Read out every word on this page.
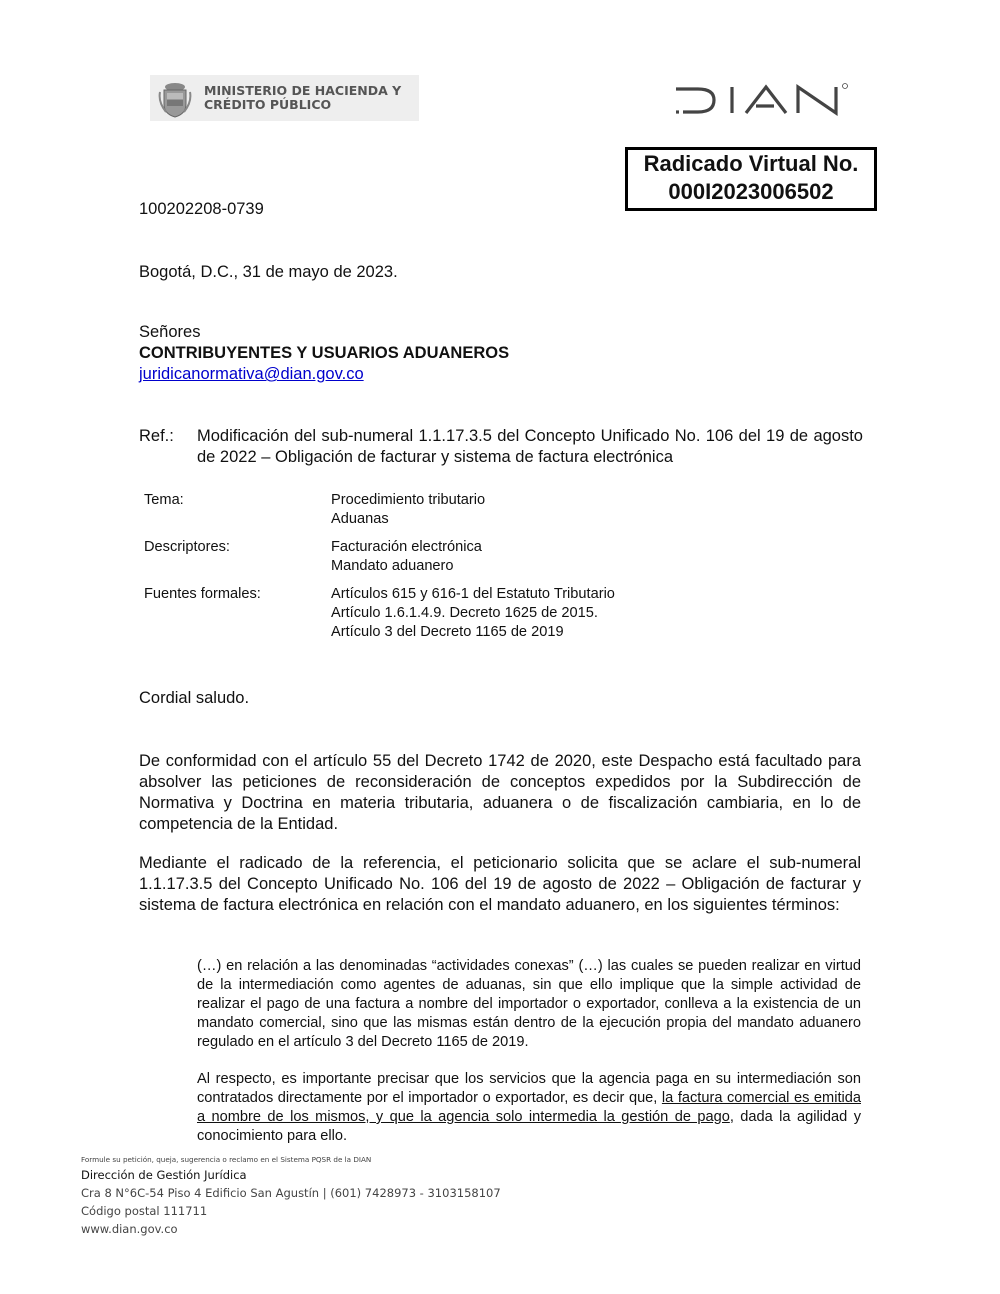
MINISTERIO DE HACIENDA Y
CRÉDITO PÚBLICO
Radicado Virtual No.
000I2023006502
100202208-0739
Bogotá, D.C., 31 de mayo de 2023.
Señores
CONTRIBUYENTES Y USUARIOS ADUANEROS
juridicanormativa@dian.gov.co
Ref.: Modificación del sub-numeral 1.1.17.3.5 del Concepto Unificado No. 106 del 19 de agosto de 2022 – Obligación de facturar y sistema de factura electrónica
Tema:	Procedimiento tributario
Aduanas
Descriptores:	Facturación electrónica
Mandato aduanero
Fuentes formales:	Artículos 615 y 616-1 del Estatuto Tributario
Artículo 1.6.1.4.9. Decreto 1625 de 2015.
Artículo 3 del Decreto 1165 de 2019
Cordial saludo.
De conformidad con el artículo 55 del Decreto 1742 de 2020, este Despacho está facultado para absolver las peticiones de reconsideración de conceptos expedidos por la Subdirección de Normativa y Doctrina en materia tributaria, aduanera o de fiscalización cambiaria, en lo de competencia de la Entidad.
Mediante el radicado de la referencia, el peticionario solicita que se aclare el sub-numeral 1.1.17.3.5 del Concepto Unificado No. 106 del 19 de agosto de 2022 – Obligación de facturar y sistema de factura electrónica en relación con el mandato aduanero, en los siguientes términos:
(…) en relación a las denominadas “actividades conexas” (…) las cuales se pueden realizar en virtud de la intermediación como agentes de aduanas, sin que ello implique que la simple actividad de realizar el pago de una factura a nombre del importador o exportador, conlleva a la existencia de un mandato comercial, sino que las mismas están dentro de la ejecución propia del mandato aduanero regulado en el artículo 3 del Decreto 1165 de 2019.
Al respecto, es importante precisar que los servicios que la agencia paga en su intermediación son contratados directamente por el importador o exportador, es decir que, la factura comercial es emitida a nombre de los mismos, y que la agencia solo intermedia la gestión de pago, dada la agilidad y conocimiento para ello.
Formule su petición, queja, sugerencia o reclamo en el Sistema PQSR de la DIAN
Dirección de Gestión Jurídica
Cra 8 N°6C-54 Piso 4 Edificio San Agustín | (601) 7428973 - 3103158107
Código postal 111711
www.dian.gov.co
